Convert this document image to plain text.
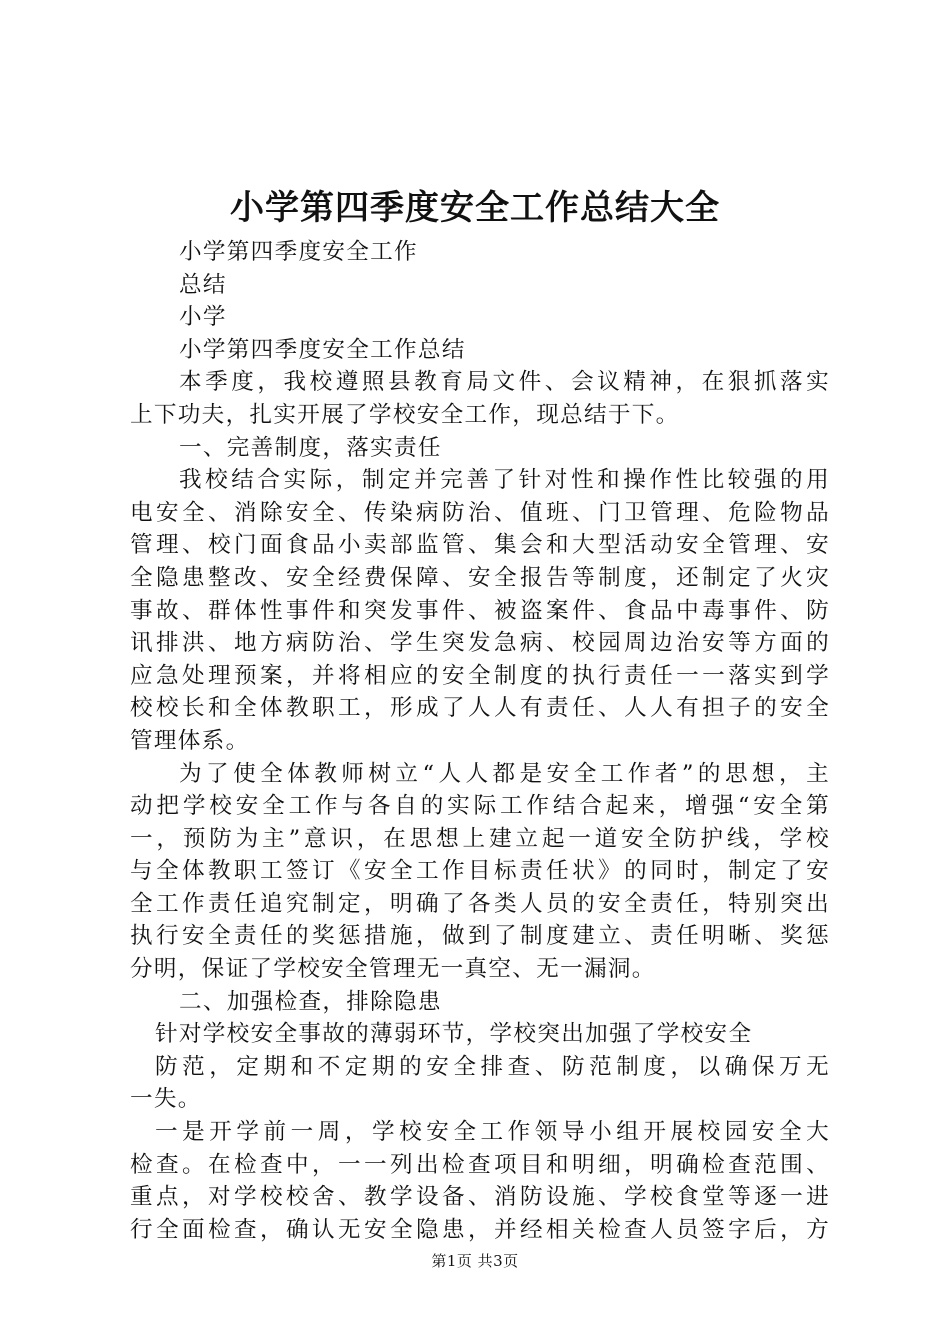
小学第四季度安全工作总结大全

小学第四季度安全工作

总结

小学

小学第四季度安全工作总结

本季度，我校遵照县教育局文件、会议精神，在狠抓落实

上下功夫，扎实开展了学校安全工作，现总结于下。

一、完善制度，落实责任

我校结合实际，制定并完善了针对性和操作性比较强的用

电安全、消除安全、传染病防治、值班、门卫管理、危险物品

管理、校门面食品小卖部监管、集会和大型活动安全管理、安

全隐患整改、安全经费保障、安全报告等制度，还制定了火灾

事故、群体性事件和突发事件、被盗案件、食品中毒事件、防

讯排洪、地方病防治、学生突发急病、校园周边治安等方面的

应急处理预案，并将相应的安全制度的执行责任一一落实到学

校校长和全体教职工，形成了人人有责任、人人有担子的安全

管理体系。

为了使全体教师树立“人人都是安全工作者”的思想，主

动把学校安全工作与各自的实际工作结合起来，增强“安全第

一，预防为主”意识，在思想上建立起一道安全防护线，学校

与全体教职工签订《安全工作目标责任状》的同时，制定了安

全工作责任追究制定，明确了各类人员的安全责任，特别突出

执行安全责任的奖惩措施，做到了制度建立、责任明晰、奖惩

分明，保证了学校安全管理无一真空、无一漏洞。

二、加强检查，排除隐患

针对学校安全事故的薄弱环节，学校突出加强了学校安全

防范，定期和不定期的安全排查、防范制度，以确保万无

一失。

一是开学前一周，学校安全工作领导小组开展校园安全大

检查。在检查中，一一列出检查项目和明细，明确检查范围、

重点，对学校校舍、教学设备、消防设施、学校食堂等逐一进

行全面检查，确认无安全隐患，并经相关检查人员签字后，方

第1页 共3页
